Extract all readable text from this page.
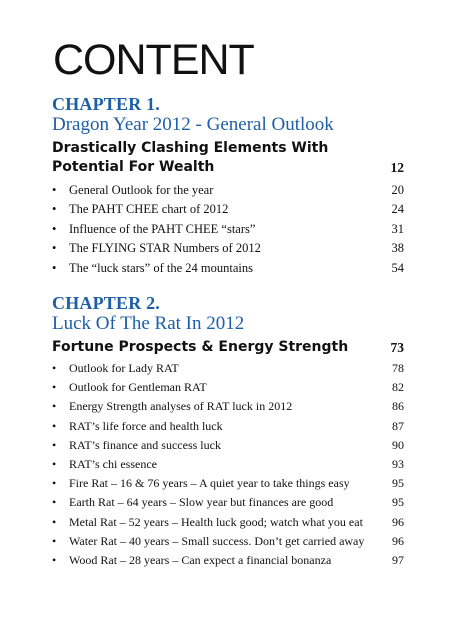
CONTENT
CHAPTER 1.
Dragon Year 2012 - General Outlook
Drastically Clashing Elements With Potential For Wealth	12
•	General Outlook for the year	20
•	The PAHT CHEE chart of 2012	24
•	Influence of the PAHT CHEE “stars”	31
•	The FLYING STAR Numbers of 2012	38
•	The “luck stars” of the 24 mountains	54
CHAPTER 2.
Luck Of The Rat In 2012
Fortune Prospects & Energy Strength	73
•	Outlook for Lady RAT	78
•	Outlook for Gentleman RAT	82
•	Energy Strength analyses of RAT luck in 2012	86
•	RAT’s life force and health luck	87
•	RAT’s finance and success luck	90
•	RAT’s chi essence	93
•	Fire Rat – 16 & 76 years – A quiet year to take things easy	95
•	Earth Rat – 64 years – Slow year but finances are good	95
•	Metal Rat – 52 years – Health luck good; watch what you eat 96
•	Water Rat – 40 years – Small success. Don’t get carried away 96
•	Wood Rat – 28 years – Can expect a financial bonanza	97
